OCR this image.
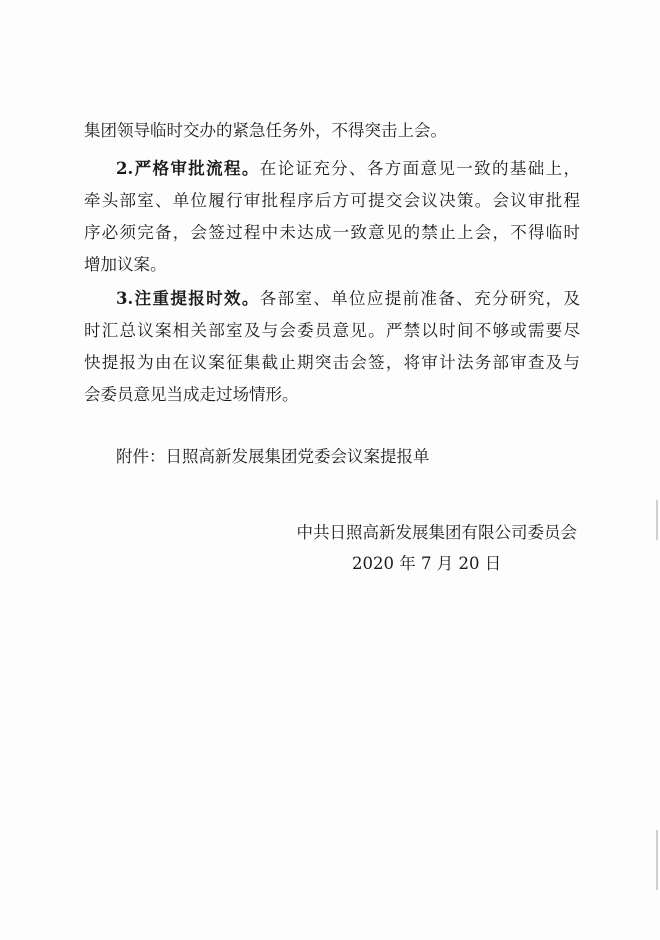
集团领导临时交办的紧急任务外，不得突击上会。
2.严格审批流程。在论证充分、各方面意见一致的基础上，
牵头部室、单位履行审批程序后方可提交会议决策。会议审批程
序必须完备，会签过程中未达成一致意见的禁止上会，不得临时
增加议案。
3.注重提报时效。各部室、单位应提前准备、充分研究，及
时汇总议案相关部室及与会委员意见。严禁以时间不够或需要尽
快提报为由在议案征集截止期突击会签，将审计法务部审查及与
会委员意见当成走过场情形。
附件：日照高新发展集团党委会议案提报单
中共日照高新发展集团有限公司委员会
2020 年 7 月 20 日
